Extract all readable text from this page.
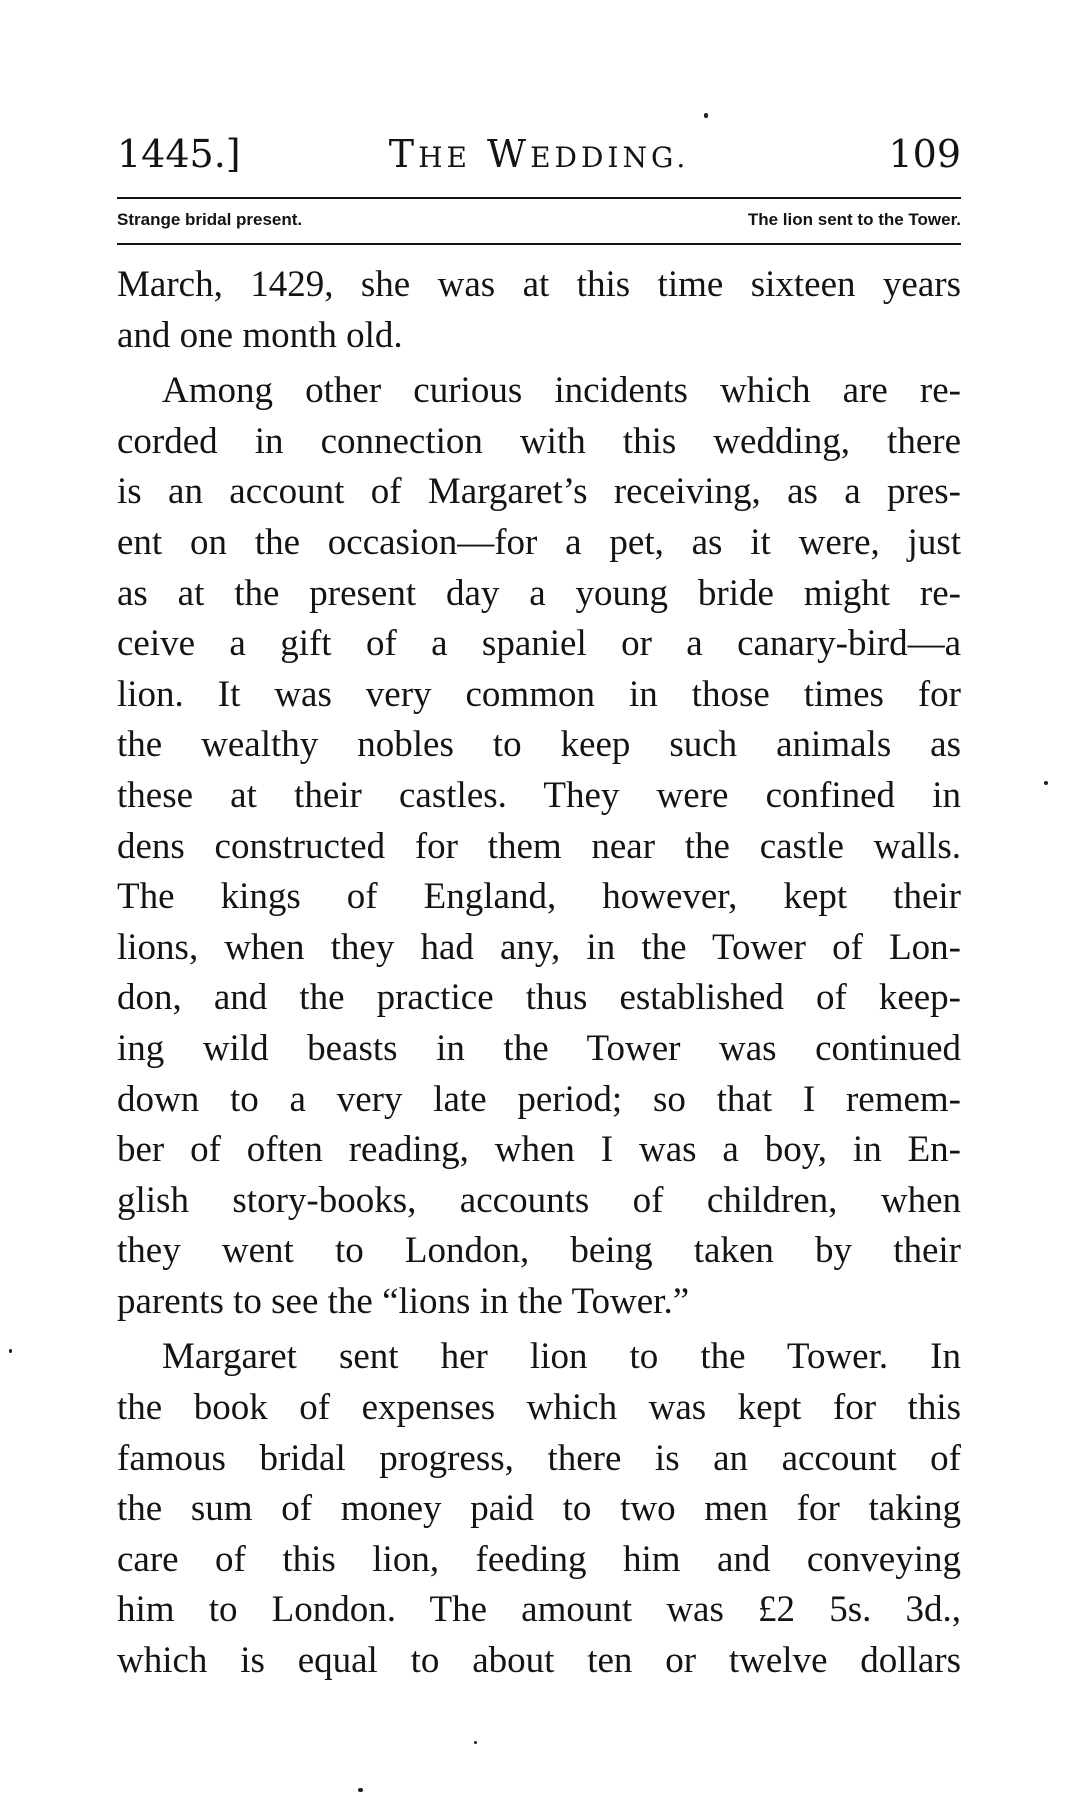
1445.]	THE WEDDING.	109
Strange bridal present.	The lion sent to the Tower.
March, 1429, she was at this time sixteen years
and one month old.
Among other curious incidents which are re-
corded in connection with this wedding, there
is an account of Margaret’s receiving, as a pres-
ent on the occasion—for a pet, as it were, just
as at the present day a young bride might re-
ceive a gift of a spaniel or a canary-bird—a
lion. It was very common in those times for
the wealthy nobles to keep such animals as
these at their castles. They were confined in
dens constructed for them near the castle walls.
The kings of England, however, kept their
lions, when they had any, in the Tower of Lon-
don, and the practice thus established of keep-
ing wild beasts in the Tower was continued
down to a very late period; so that I remem-
ber of often reading, when I was a boy, in En-
glish story-books, accounts of children, when
they went to London, being taken by their
parents to see the “lions in the Tower.”
Margaret sent her lion to the Tower. In
the book of expenses which was kept for this
famous bridal progress, there is an account of
the sum of money paid to two men for taking
care of this lion, feeding him and conveying
him to London. The amount was £2 5s. 3d.,
which is equal to about ten or twelve dollars
